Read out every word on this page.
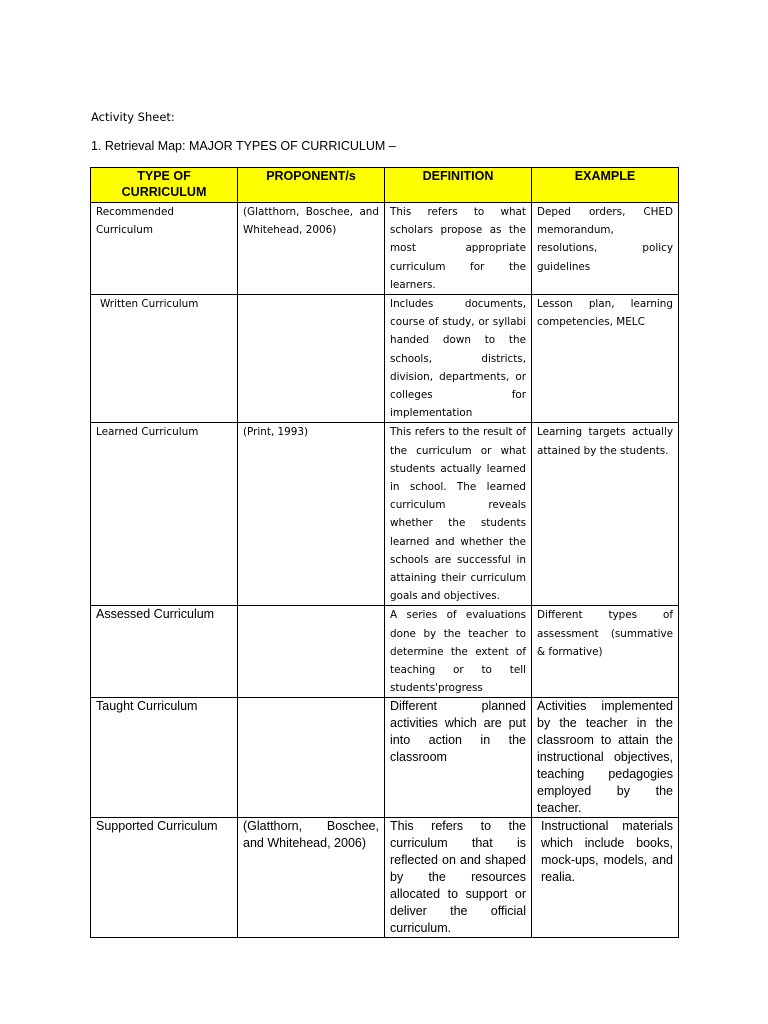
Activity Sheet:

1. Retrieval Map: MAJOR TYPES OF CURRICULUM –

TYPE OF CURRICULUM	PROPONENT/s	DEFINITION	EXAMPLE
Recommended Curriculum	(Glatthorn, Boschee, and Whitehead, 2006)	This refers to what scholars propose as the most appropriate curriculum for the learners.	Deped orders, CHED memorandum, resolutions, policy guidelines
Written Curriculum		Includes documents, course of study, or syllabi handed down to the schools, districts, division, departments, or colleges for implementation	Lesson plan, learning competencies, MELC
Learned Curriculum	(Print, 1993)	This refers to the result of the curriculum or what students actually learned in school. The learned curriculum reveals whether the students learned and whether the schools are successful in attaining their curriculum goals and objectives.	Learning targets actually attained by the students.
Assessed Curriculum		A series of evaluations done by the teacher to determine the extent of teaching or to tell students'progress	Different types of assessment (summative & formative)
Taught Curriculum		Different planned activities which are put into action in the classroom	Activities implemented by the teacher in the classroom to attain the instructional objectives, teaching pedagogies employed by the teacher.
Supported Curriculum	(Glatthorn, Boschee, and Whitehead, 2006)	This refers to the curriculum that is reflected on and shaped by the resources allocated to support or deliver the official curriculum.	Instructional materials which include books, mock-ups, models, and realia.
